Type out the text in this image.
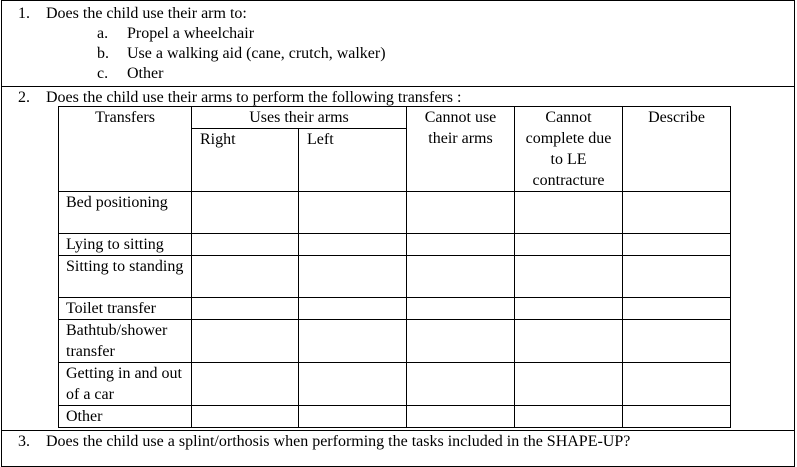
1. Does the child use their arm to:
a. Propel a wheelchair
b. Use a walking aid (cane, crutch, walker)
c. Other
2. Does the child use their arms to perform the following transfers :
Transfers	Uses their arms		Cannot use their arms	Cannot complete due to LE contracture	Describe
	Right	Left			
Bed positioning					
Lying to sitting					
Sitting to standing					
Toilet transfer					
Bathtub/shower transfer					
Getting in and out of a car					
Other					
3. Does the child use a splint/orthosis when performing the tasks included in the SHAPE-UP?
